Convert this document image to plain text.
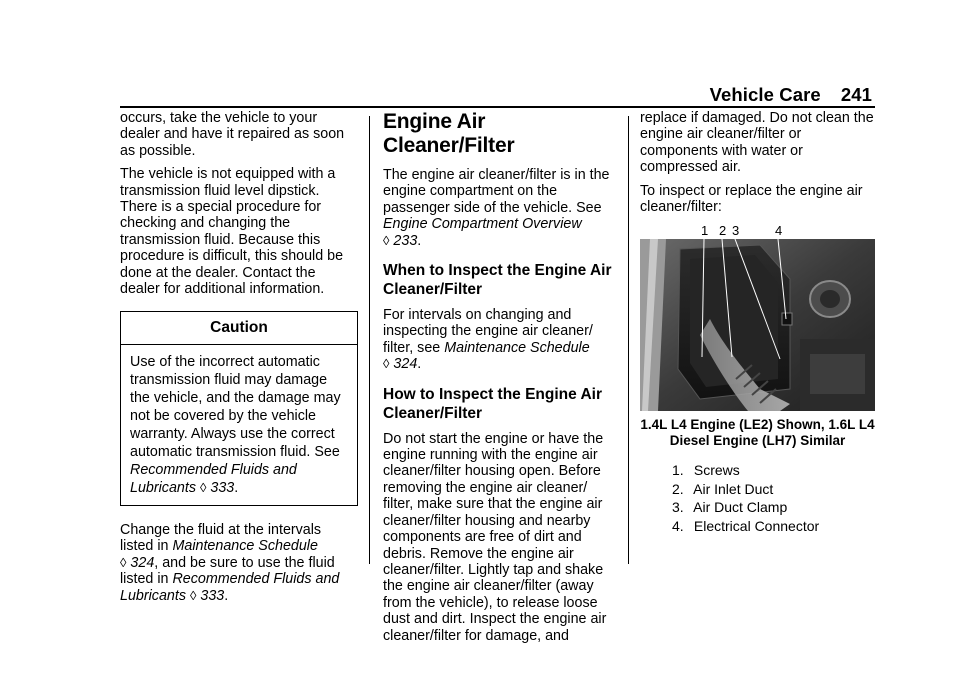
Vehicle Care 241

occurs, take the vehicle to your dealer and have it repaired as soon as possible.

The vehicle is not equipped with a transmission fluid level dipstick. There is a special procedure for checking and changing the transmission fluid. Because this procedure is difficult, this should be done at the dealer. Contact the dealer for additional information.

Caution
Use of the incorrect automatic transmission fluid may damage the vehicle, and the damage may not be covered by the vehicle warranty. Always use the correct automatic transmission fluid. See Recommended Fluids and Lubricants ◊ 333.

Change the fluid at the intervals listed in Maintenance Schedule
◊ 324, and be sure to use the fluid listed in Recommended Fluids and Lubricants ◊ 333.

Engine Air Cleaner/Filter

The engine air cleaner/filter is in the engine compartment on the passenger side of the vehicle. See Engine Compartment Overview
◊ 233.

When to Inspect the Engine Air Cleaner/Filter

For intervals on changing and inspecting the engine air cleaner/ filter, see Maintenance Schedule
◊ 324.

How to Inspect the Engine Air Cleaner/Filter

Do not start the engine or have the engine running with the engine air cleaner/filter housing open. Before removing the engine air cleaner/ filter, make sure that the engine air cleaner/filter housing and nearby components are free of dirt and debris. Remove the engine air cleaner/filter. Lightly tap and shake the engine air cleaner/filter (away from the vehicle), to release loose dust and dirt. Inspect the engine air cleaner/filter for damage, and

replace if damaged. Do not clean the engine air cleaner/filter or components with water or compressed air.

To inspect or replace the engine air cleaner/filter:

1 2 3	4
1.4L L4 Engine (LE2) Shown, 1.6L L4 Diesel Engine (LH7) Similar
1. Screws
2. Air Inlet Duct
3. Air Duct Clamp
4. Electrical Connector
